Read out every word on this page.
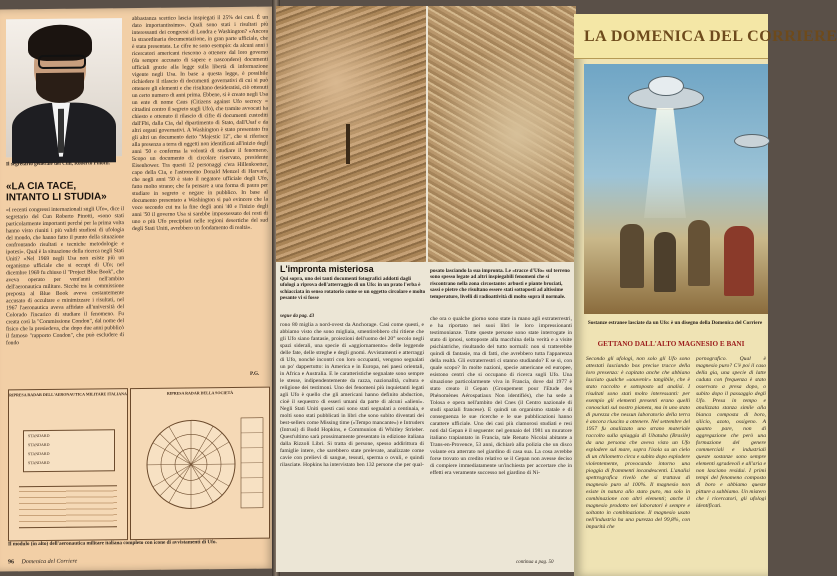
Il segretario generale del Cun, Roberto Pinotti.
«LA CIA TACE,
INTANTO LI STUDIA»

«I recenti congressi internazionali sugli Ufo», dice il segretario del Cun Roberto Pinotti, «sono stati particolarmente importanti perché per la prima volta hanno visto riuniti i più validi studiosi di ufologia del mondo, che hanno fatto il punto della situazione confrontando risultati e tecniche metodologie e ipotesi». Qual è la situazione della ricerca negli Stati Uniti? «Nel 1969 negli Usa non esiste più un organismo ufficiale che si occupi di Ufo; nel dicembre 1969 fu chiuso il "Project Blue Book", che aveva operato per vent'anni nell'ambito dell'aeronautica militare. Sicché tra la commissione preposta al Blue Book aveva costantemente accusato di occultare e minimizzare i risultati, nel 1967 l'aeronautica aveva affidato all'università del Colorado l'incarico di studiare il fenomeno. Fu creata così la "Commissione Condon", dal nome del fisico che la presiedeva, che dopo due anni pubblicò il famoso "rapporto Condon", che può escludere di fondo

abbastanza scettico lascia inspiegati il 25% dei casi. È un dato importantissimo». Quali sono stati i risultati più interessanti dei congressi di Londra e Washington? «Ancora la straordinaria documentazione, in gran parte ufficiale, che è stata presentata. Le cifre ne sono esempio: da alcuni anni i ricercatori americani riescono a ottenere dal loro governo (da sempre accusato di sapere e nascondere) documenti ufficiali grazie alla legge sulla libertà di informazione vigente negli Usa. In base a questa legge, è possibile richiedere il rilascio di documenti governativi di cui si può ottenere gli elementi e che risultano desideratisi, ciò ottenuti un certo numero di anni prima. Ebbene, si è creato negli Usa un ente di nome Caus (Citizens against Ufo secrecy = cittadini contro il segreto sugli Ufo), che tramite avvocati ha chiesto e ottenuto il rilascio di cifre di documenti custoditi dall'Fbi, dalla Cia, dal dipartimento di Stato, dall'Usaf e da altri organi governativi. A Washington è stato presentato fra gli altri un documento detto "Majestic 12", che si riferisce alla presenza a terra di oggetti non identificati all'inizio degli anni '50 e conferma la volontà di studiare il fenomeno. Scopo un documento di circolare riservato, presidente Eisenhower. Tra questi 12 personaggi c'era Hillenkoetter, capo della Cia, e l'astronomo Donald Menzel di Harvard, che negli anni '50 è stato il negatore ufficiale degli Ufo, fatto molto strano; che fa pensare a una forma di paura per studiare in segreto e negare in pubblico. In base al documento presentato a Washington si può evincere che la voce secondo cui tra la fine degli anni '40 e l'inizio degli anni '50 il governo Usa si sarebbe impossessato dei resti di uno o più Ufo precipitati nelle regioni desertiche del sud degli Stati Uniti, avrebbero un fondamento di realtà».

P.G.
RIPRESA RADAR DELL'AERONAUTICA MILITARE ITALIANA
STANDARD
STANDARD
STANDARD
STANDARD
RIPRESA RADAR DELLA SOCIETÀ
Il modulo (in alto) dell'aeronautica militare italiana completo con icone di avvistamenti di Ufo.
96 Domenica del Corriere
L'impronta misteriosa
Qui sopra, uno dei tanti documenti fotografici addotti dagli ufologi a riprova dell'atterraggio di un Ufo: in un prato l'erba è schiacciata in senso rotatorio come se un oggetto circolare e molto pesante vi si fosse
posato lasciando la sua impronta. Le «tracce d'Ufo» sul terreno sono spesso legate ad altri inspiegabili fenomeni che si riscontrano nella zona circostante: arbusti e piante bruciati, sassi e pietre che risultano essere stati sottoposti ad altissime temperature, livelli di radioattività di molto sopra il normale.
segue da pag. 43

rono 80 miglia a nord-ovest da Anchorage. Casi come questi, e abbiamo visto che sono migliaia, smentirebbero chi ritiene che gli Ufo siano fantasie, proiezioni dell'uomo del 20° secolo negli spazi siderali, una specie di «aggiornamento» delle leggende delle fate, delle streghe e degli gnomi. Avvistamenti e atterraggi di Ufo, nonché incontri con loro occupanti, vengono segnalati un po' dappertutto: in America e in Europa, nei paesi orientali, in Africa e Australia. E le caratteristiche segnalate sono sempre le stesse, indipendentemente da razza, nazionalità, cultura e religione dei testimoni. Uno dei fenomeni più inquietanti legati agli Ufo è quello che gli americani hanno definito abduction, cioè il sequestro di esseri umani da parte di alcuni «alieni». Negli Stati Uniti questi casi sono stati segnalati a centinaia, e molti sono stati pubblicati in libri che sono subito diventati dei best-sellers come Missing time («Tempo mancante») e Intruders (Intrusi) di Budd Hopkins, e Communion di Whitley Strieber. Quest'ultimo sarà prossimamente presentato in edizione italiana dalla Rizzoli Libri. Si tratta di persone, spesso addirittura di famiglie intere, che sarebbero state prelevate, analizzate come cavie con prelievi di sangue, tessuti, sperma o ovuli, e quindi rilasciate. Hopkins ha intervistato ben 132 persone che per qual-

che ora o qualche giorno sono state in mano agli extraterrestri, e ha riportato nei suoi libri le loro impressionanti testimonianze. Tutte queste persone sono state interrogate in stato di ipnosi, sottoposte alla macchina della verità e a visite psichiatriche, risultando del tutto normali: non si tratterebbe quindi di fantasie, ma di fatti, che avrebbero tutta l'apparenza della realtà. Gli extraterrestri ci stanno studiando? E se sì, con quale scopo? In molte nazioni, specie americane ed europee, esistono centri che si occupano di ricerca sugli Ufo. Una situazione particolarmente viva in Francia, dove dal 1977 è stato creato il Gepan (Groupement pour l'Etude des Phénomènes Aérospatiaux Non identifiés), che ha sede a Tolosa e opera nell'ambito del Cnes (il Centro nazionale di studi spaziali francese). E quindi un organismo statale e di conseguenza le sue ricerche e le sue pubblicazioni hanno carattere ufficiale. Uno dei casi più clamorosi studiati e resi noti dal Gepan è il seguente: nel gennaio del 1981 un muratore italiano trapiantato in Francia, tale Renato Nicolai abitante a Trans-en-Provence, 53 anni, dichiarò alla polizia che un disco volante era atterrato nel giardino di casa sua. La cosa avrebbe forse trovato un credito relativo se il Gepan non avesse deciso di compiere immediatamente un'inchiesta per accertare che in effetti era veramente successo nel giardino di Ni-

continua a pag. 50
LA DOMENICA DEL CORRIERE
Sostanze estranee lasciate da un Ufo: è un disegno della Domenica del Corriere
GETTANO DALL'ALTO MAGNESIO E BANI

Secondo gli ufologi, non solo gli Ufo sono attestati lasciando box precise tracce della loro presenza: è capitato anche che abbiano lasciato qualche «souvenir» tangibile, che è stato raccolto e sottoposto ad analisi. I risultati sono stati molto interessanti: per esempio gli elementi presenti erano quelli conosciuti sul nostro pianeta, ma in uno stato di purezza che nessun laboratorio della terra è ancora riuscito a ottenere. Nel settembre del 1957 fu analizzato uno strano materiale raccolto sulla spiaggia di Ubatuba (Brasile) da una persona che aveva visto un Ufo esplodere sul mare, sopra l'isola su un cielo di un chilometro circa e subito dopo esplodere violentemente, provocando intorno una pioggia di frammenti incandescenti. L'analisi spettrografica rivelò che si trattava di magnesio puro al 100%. Il magnesio non esiste in natura allo stato puro, ma solo in combinazione con altri elementi; anche il magnesio prodotto nei laboratori è sempre e soltanto in combinazione. Il magnesio usato nell'industria ha una purezza del 99,8%, con impurità che

pornografico. Qual è magnesio puro? C'è poi il caso della gia, una specie di latte caduta con frequenza è stato osservato a presa dopo, o subito dopo il passaggio degli Ufo. Presa in tempo e analizzata stanza simile alla bianca composta di boro, silicio, azoto, ossigeno. A quanto pare, non di aggregazione che però una formazione del genere commerciali e industriali queste sostanze sono sempre elementi sgradevoli e all'aria e non lasciano residui. I primi tempi del fenomeno composto di boro e abbiamo queste pitture a sabbiamo. Un mistero che i ricercatori, gli ufologi identificati.
